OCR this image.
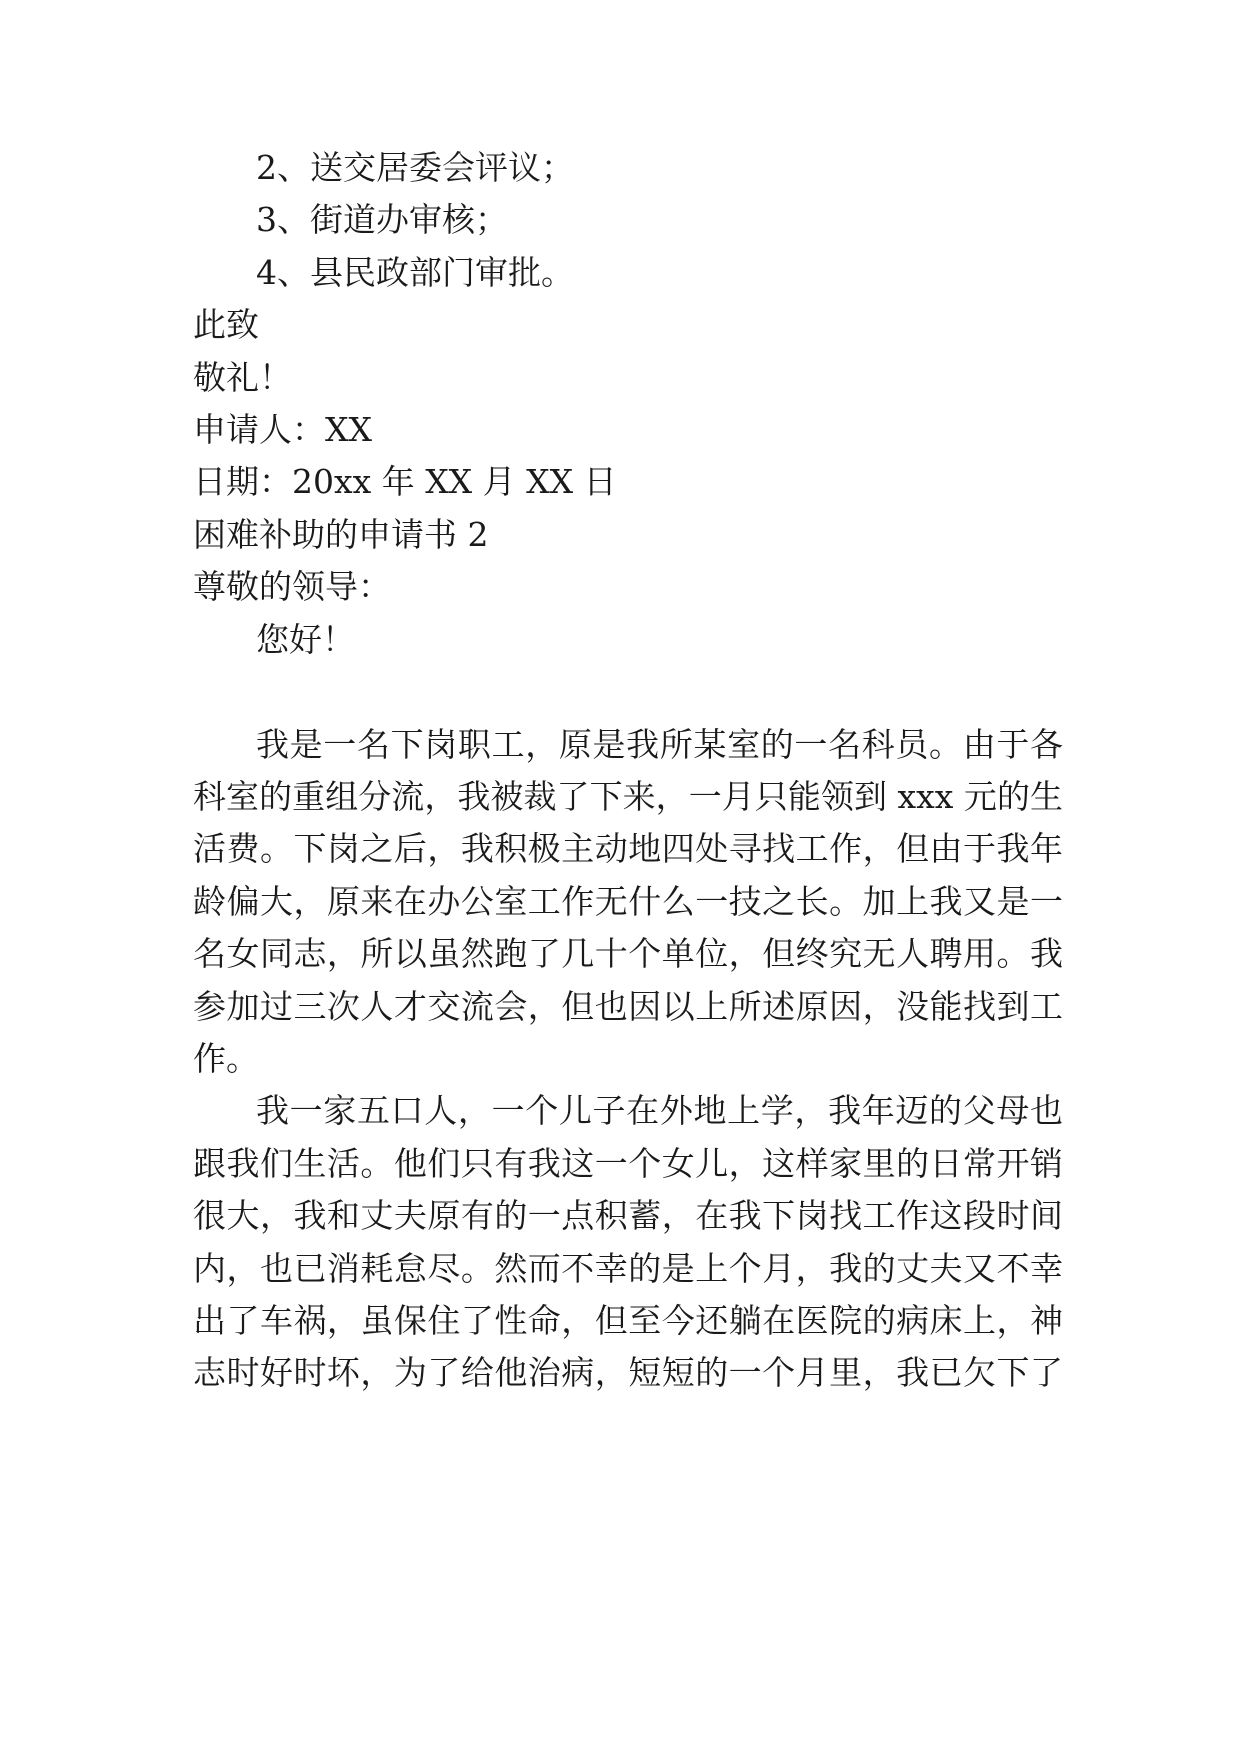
2、送交居委会评议；
3、街道办审核；
4、县民政部门审批。
此致
敬礼！
申请人：XX
日期：20xx 年 XX 月 XX 日
困难补助的申请书 2
尊敬的领导：
您好！
我是一名下岗职工，原是我所某室的一名科员。由于各
科室的重组分流，我被裁了下来，一月只能领到 xxx 元的生
活费。下岗之后，我积极主动地四处寻找工作，但由于我年
龄偏大，原来在办公室工作无什么一技之长。加上我又是一
名女同志，所以虽然跑了几十个单位，但终究无人聘用。我
参加过三次人才交流会，但也因以上所述原因，没能找到工
作。
我一家五口人，一个儿子在外地上学，我年迈的父母也
跟我们生活。他们只有我这一个女儿，这样家里的日常开销
很大，我和丈夫原有的一点积蓄，在我下岗找工作这段时间
内，也已消耗怠尽。然而不幸的是上个月，我的丈夫又不幸
出了车祸，虽保住了性命，但至今还躺在医院的病床上，神
志时好时坏，为了给他治病，短短的一个月里，我已欠下了
